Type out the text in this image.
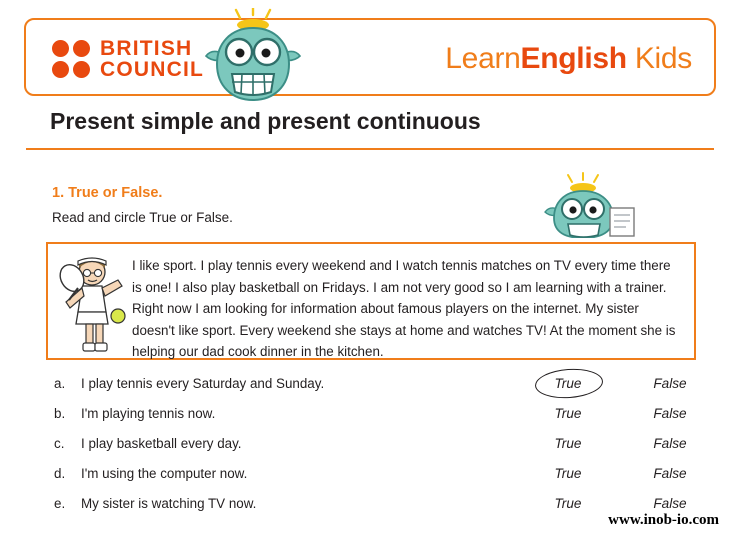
BRITISH
COUNCIL	LearnEnglish Kids
Present simple and present continuous
1. True or False.
Read and circle True or False.

I like sport. I play tennis every weekend and I watch tennis matches on TV every time there is one! I also play basketball on Fridays. I am not very good so I am learning with a trainer. Right now I am looking for information about famous players on the internet. My sister doesn't like sport. Every weekend she stays at home and watches TV! At the moment she is helping our dad cook dinner in the kitchen.

a. I play tennis every Saturday and Sunday.	True	False
b. I'm playing tennis now.	True	False
c. I play basketball every day.	True	False
d. I'm using the computer now.	True	False
e. My sister is watching TV now.	True	False
www.inob-io.com
